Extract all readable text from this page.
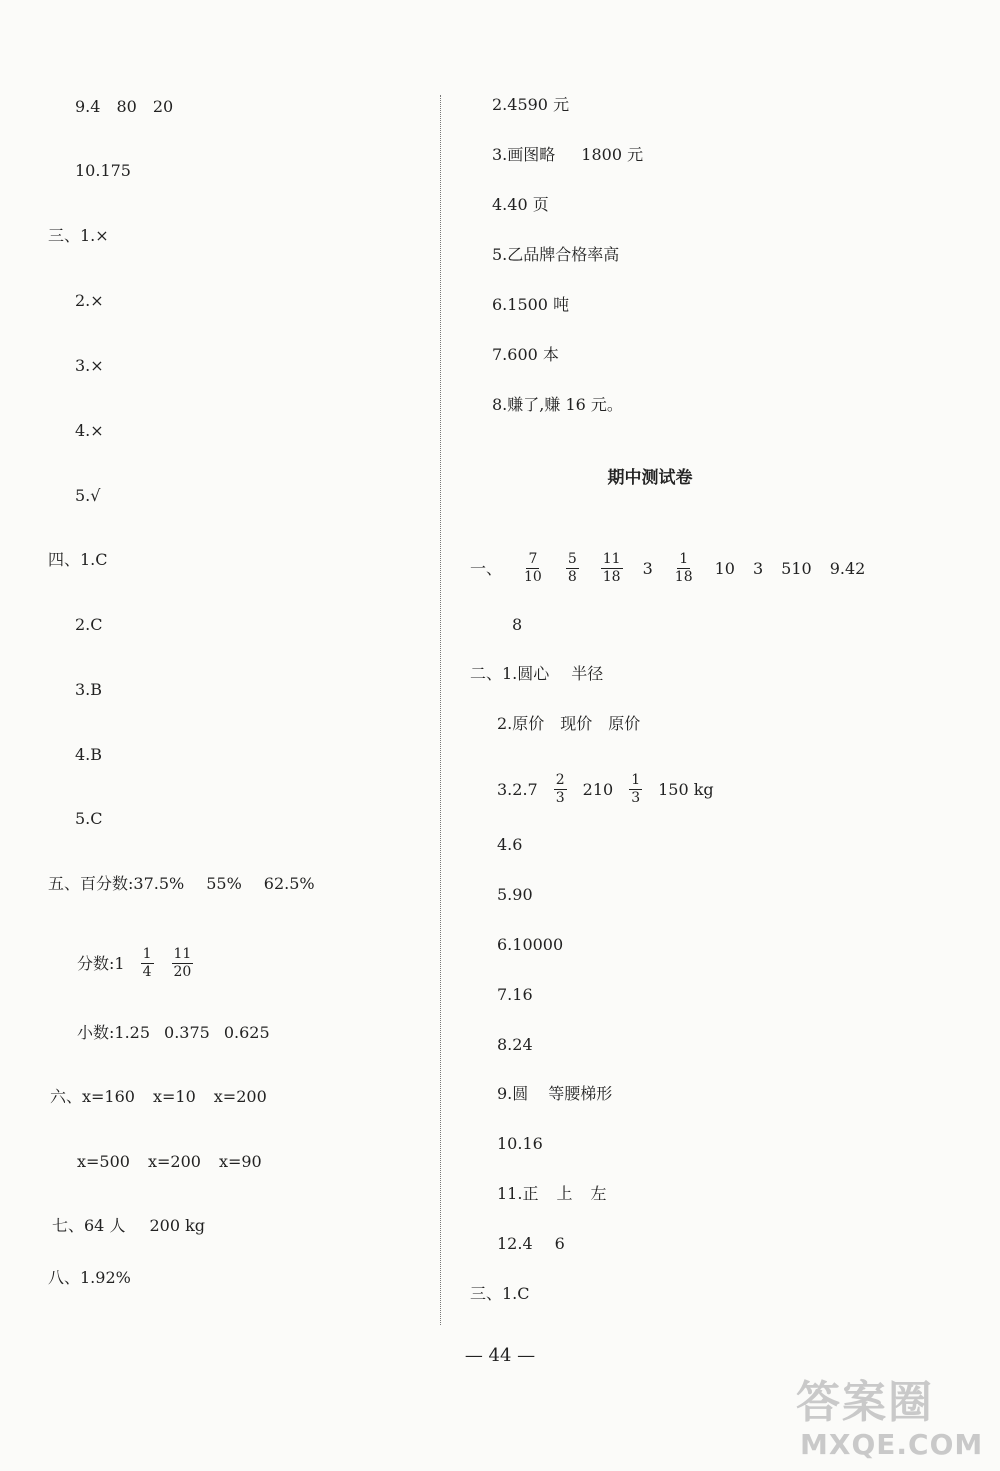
9.4 80 20
10.175
三、1.×
2.×
3.×
4.×
5.√
四、1.C
2.C
3.B
4.B
5.C
五、百分数:37.5% 55% 62.5%
分数:1 $\frac{1}{4} \frac{11}{20}$
小数:1.25 0.375 0.625
六、x=160 x=10 x=200
x=500 x=200 x=90
七、64 人 200 kg
八、1.92%
2.4590 元
3.画图略 1800 元
4.40 页
5.乙品牌合格率高
6.1500 吨
7.600 本
8.赚了,赚 16 元。
期中测试卷
一、 $\frac{7}{10} \frac{5}{8} \frac{11}{18} 3 \frac{1}{18} 10$ 3 510 9.42
8
二、1.圆心 半径
2.原价 现价 原价
$3.2.7 \frac{2}{3} 210 \frac{1}{3} 150$ kg
4.6
5.90
6.10000
7.16
8.24
9.圆 等腰梯形
10.16
11.正 上 左
12.4 6
三、1.C
— 44 —
答案圈
MXQE.COM
